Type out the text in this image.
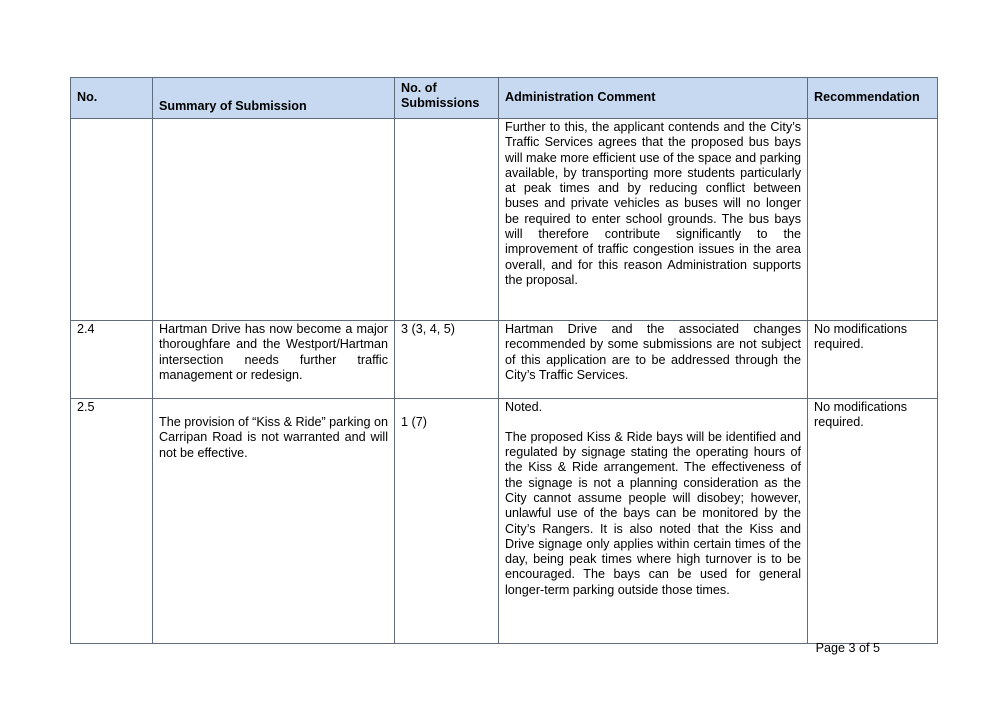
No.	Summary of Submission	No. of Submissions	Administration Comment	Recommendation
			Further to this, the applicant contends and the City’s Traffic Services agrees that the proposed bus bays will make more efficient use of the space and parking available, by transporting more students particularly at peak times and by reducing conflict between buses and private vehicles as buses will no longer be required to enter school grounds. The bus bays will therefore contribute significantly to the improvement of traffic congestion issues in the area overall, and for this reason Administration supports the proposal.	
2.4	Hartman Drive has now become a major thoroughfare and the Westport/Hartman intersection needs further traffic management or redesign.	3 (3, 4, 5)	Hartman Drive and the associated changes recommended by some submissions are not subject of this application are to be addressed through the City’s Traffic Services.	No modifications required.
2.5	The provision of “Kiss & Ride” parking on Carripan Road is not warranted and will not be effective.	1 (7)	Noted.
The proposed Kiss & Ride bays will be identified and regulated by signage stating the operating hours of the Kiss & Ride arrangement. The effectiveness of the signage is not a planning consideration as the City cannot assume people will disobey; however, unlawful use of the bays can be monitored by the City’s Rangers. It is also noted that the Kiss and Drive signage only applies within certain times of the day, being peak times where high turnover is to be encouraged. The bays can be used for general longer-term parking outside those times.	No modifications required.
Page 3 of 5
